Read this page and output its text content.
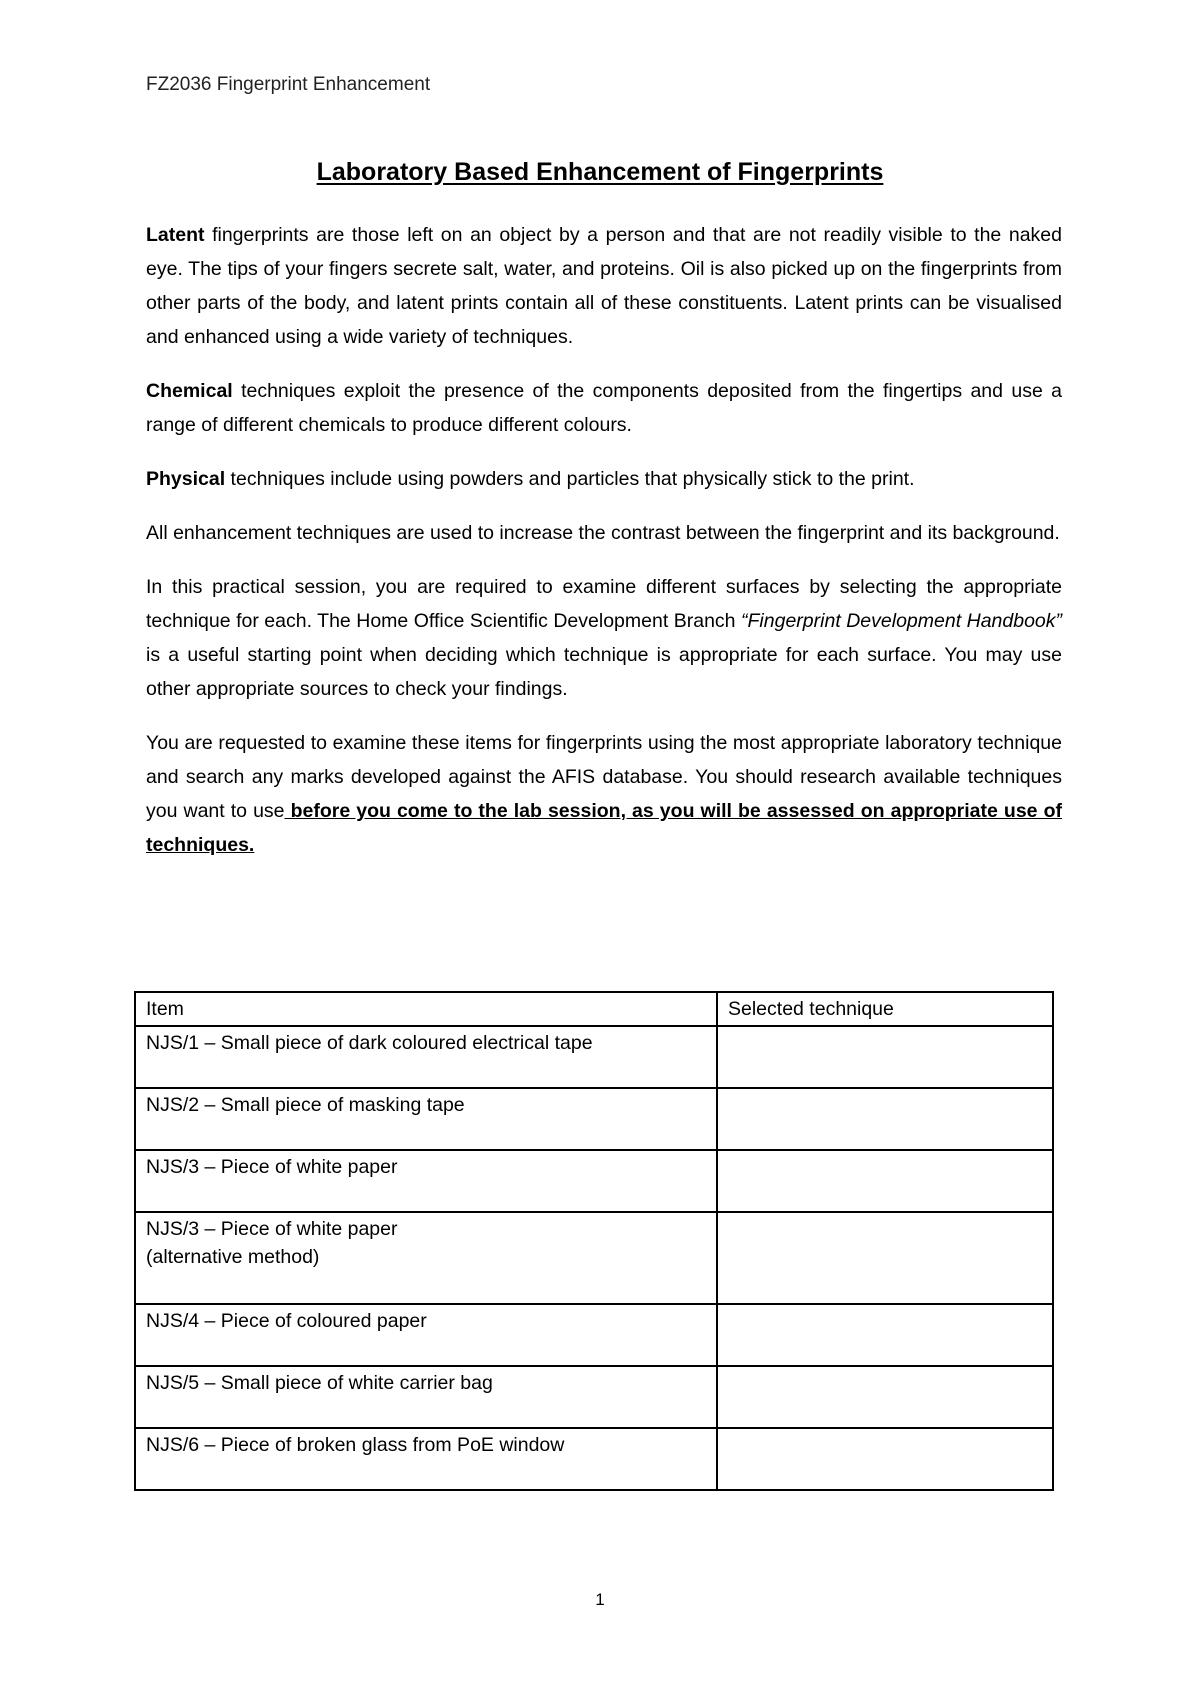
FZ2036 Fingerprint Enhancement
Laboratory Based Enhancement of Fingerprints

Latent fingerprints are those left on an object by a person and that are not readily visible to the naked eye. The tips of your fingers secrete salt, water, and proteins. Oil is also picked up on the fingerprints from other parts of the body, and latent prints contain all of these constituents. Latent prints can be visualised and enhanced using a wide variety of techniques.

Chemical techniques exploit the presence of the components deposited from the fingertips and use a range of different chemicals to produce different colours.

Physical techniques include using powders and particles that physically stick to the print.

All enhancement techniques are used to increase the contrast between the fingerprint and its background.

In this practical session, you are required to examine different surfaces by selecting the appropriate technique for each. The Home Office Scientific Development Branch “Fingerprint Development Handbook” is a useful starting point when deciding which technique is appropriate for each surface. You may use other appropriate sources to check your findings.

You are requested to examine these items for fingerprints using the most appropriate laboratory technique and search any marks developed against the AFIS database. You should research available techniques you want to use before you come to the lab session, as you will be assessed on appropriate use of techniques.

Item	Selected technique
NJS/1 – Small piece of dark coloured electrical tape	
NJS/2 – Small piece of masking tape	
NJS/3 – Piece of white paper	
NJS/3 – Piece of white paper
(alternative method)	
NJS/4 – Piece of coloured paper	
NJS/5 – Small piece of white carrier bag	
NJS/6 – Piece of broken glass from PoE window	
1
